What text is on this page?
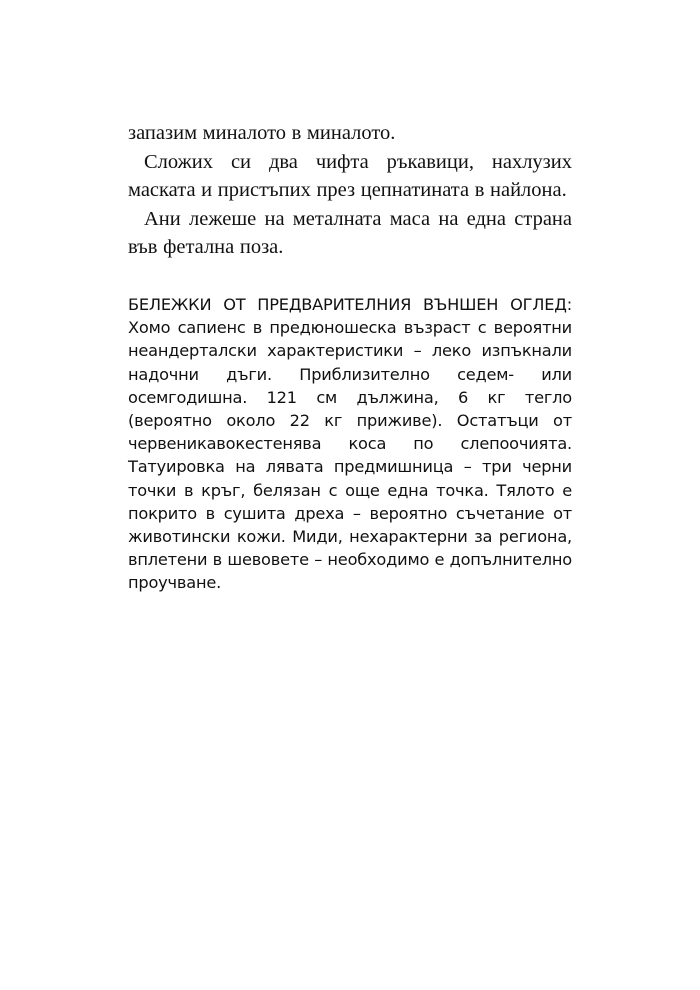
запазим миналото в миналото.

Сложих си два чифта ръкавици, нахлузих маската и пристъпих през цепнатината в найлона.

Ани лежеше на металната маса на една страна във фетална поза.

БЕЛЕЖКИ ОТ ПРЕДВАРИТЕЛНИЯ ВЪНШЕН ОГЛЕД: Хомо сапиенс в предюношеска възраст с вероятни неандерталски характеристики – леко изпъкнали надочни дъги. Приблизително седем- или осемгодишна. 121 см дължина, 6 кг тегло (вероятно около 22 кг приживе). Остатъци от червеникавокестенява коса по слепоочията. Татуировка на лявата предмишница – три черни точки в кръг, белязан с още една точка. Тялото е покрито в сушита дреха – вероятно съчетание от животински кожи. Миди, нехарактерни за региона, вплетени в шевовете – необходимо е допълнително проучване.
